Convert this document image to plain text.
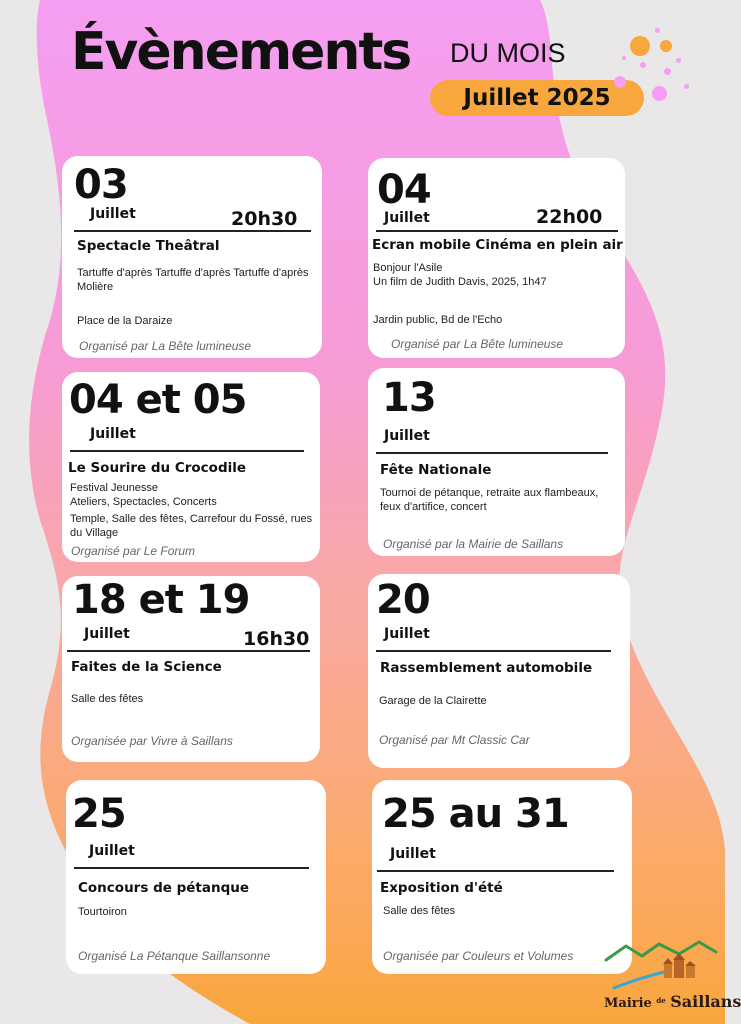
Évènements DU MOIS
Juillet 2025
03
Juillet	20h30
Spectacle Theâtral
Tartuffe d'après Tartuffe d'après Tartuffe d'après Molière
Place de la Daraize
Organisé par La Bête lumineuse
04
Juillet	22h00
Ecran mobile Cinéma en plein air
Bonjour l'Asile
Un film de Judith Davis, 2025, 1h47
Jardin public, Bd de l'Echo
Organisé par La Bête lumineuse
04 et 05
Juillet
Le Sourire du Crocodile
Festival Jeunesse
Ateliers, Spectacles, Concerts
Temple, Salle des fêtes, Carrefour du Fossé, rues du Village
Organisé par Le Forum
13
Juillet
Fête Nationale
Tournoi de pétanque, retraite aux flambeaux, feux d'artifice, concert
Organisé par la Mairie de Saillans
18 et 19
Juillet	16h30
Faites de la Science
Salle des fêtes
Organisée par Vivre à Saillans
20
Juillet
Rassemblement automobile
Garage de la Clairette
Organisé par Mt Classic Car
25
Juillet
Concours de pétanque
Tourtoiron
Organisé La Pétanque Saillansonne
25 au 31
Juillet
Exposition d'été
Salle des fêtes
Organisée par Couleurs et Volumes
Mairie $^{de}$ Saillans
